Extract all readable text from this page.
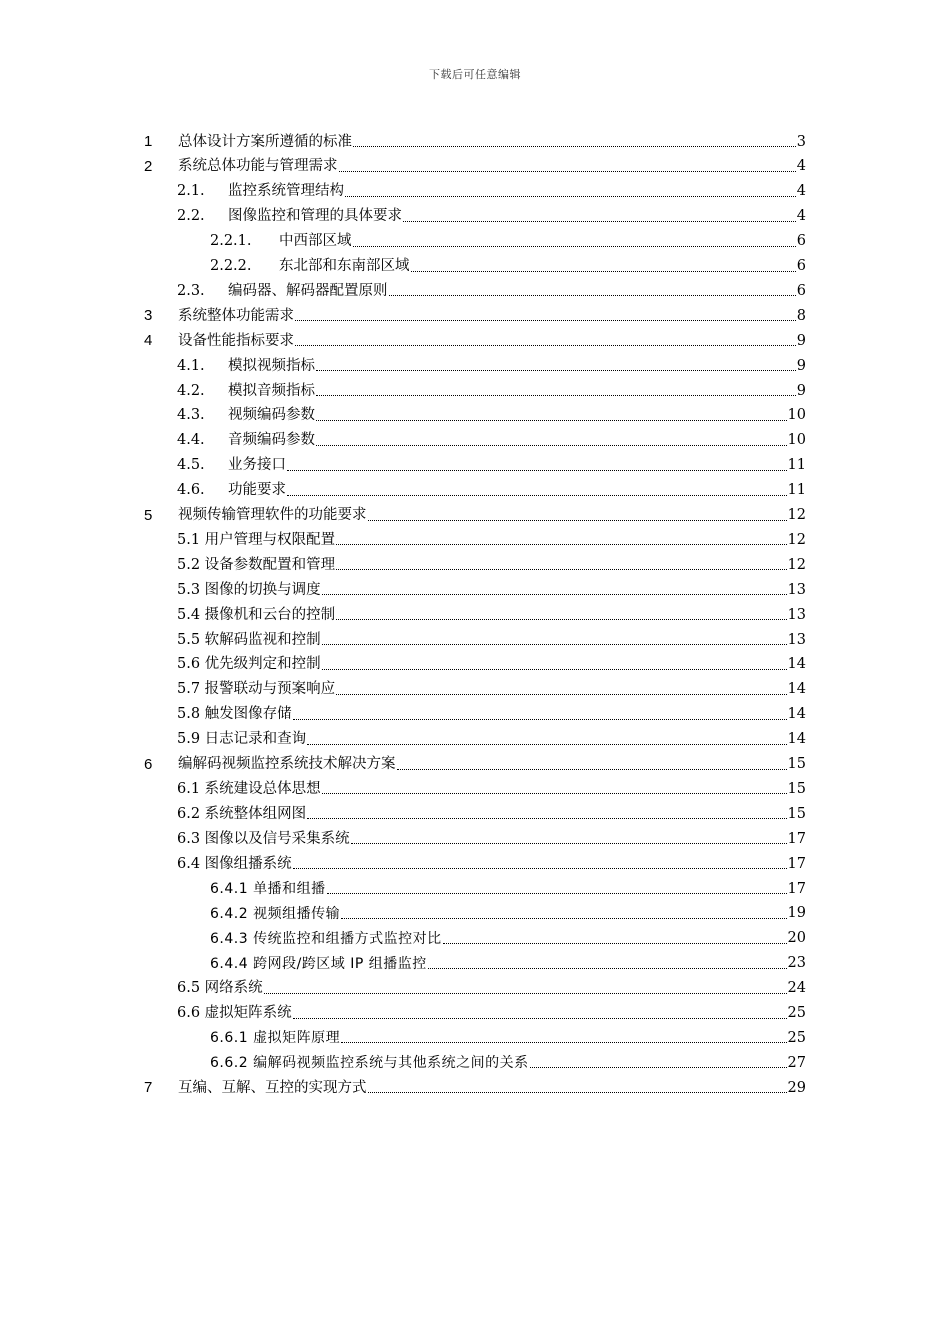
下载后可任意编辑
1 总体设计方案所遵循的标准	3
2 系统总体功能与管理需求	4
2.1. 监控系统管理结构	4
2.2. 图像监控和管理的具体要求	4
2.2.1. 中西部区域	6
2.2.2. 东北部和东南部区域	6
2.3. 编码器、解码器配置原则	6
3 系统整体功能需求	8
4 设备性能指标要求	9
4.1. 模拟视频指标	9
4.2. 模拟音频指标	9
4.3. 视频编码参数	10
4.4. 音频编码参数	10
4.5. 业务接口	11
4.6. 功能要求	11
5 视频传输管理软件的功能要求	12
5.1 用户管理与权限配置	12
5.2 设备参数配置和管理	12
5.3 图像的切换与调度	13
5.4 摄像机和云台的控制	13
5.5 软解码监视和控制	13
5.6 优先级判定和控制	14
5.7 报警联动与预案响应	14
5.8 触发图像存储	14
5.9 日志记录和查询	14
6 编解码视频监控系统技术解决方案	15
6.1 系统建设总体思想	15
6.2 系统整体组网图	15
6.3 图像以及信号采集系统	17
6.4 图像组播系统	17
6.4.1 单播和组播	17
6.4.2 视频组播传输	19
6.4.3 传统监控和组播方式监控对比	20
6.4.4 跨网段/跨区域 IP 组播监控	23
6.5 网络系统	24
6.6 虚拟矩阵系统	25
6.6.1 虚拟矩阵原理	25
6.6.2 编解码视频监控系统与其他系统之间的关系	27
7 互编、互解、互控的实现方式	29
